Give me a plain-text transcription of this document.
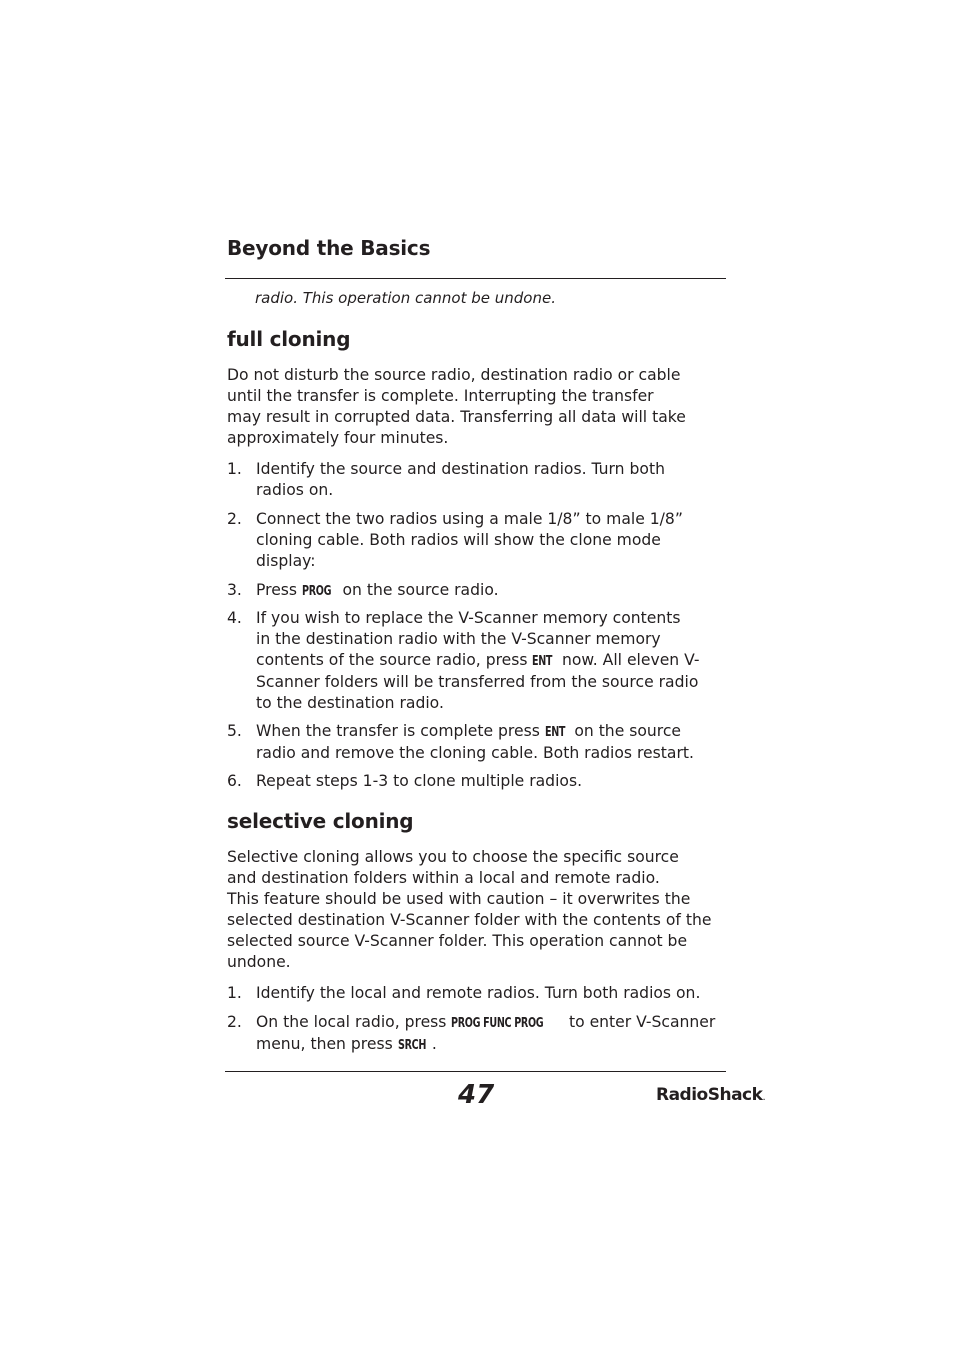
Beyond the Basics
radio. This operation cannot be undone.
full cloning
Do not disturb the source radio, destination radio or cable
until the transfer is complete. Interrupting the transfer
may result in corrupted data. Transferring all data will take
approximately four minutes.
1. Identify the source and destination radios. Turn both
radios on.
2. Connect the two radios using a male 1/8” to male 1/8”
cloning cable. Both radios will show the clone mode
display:
3. Press PROG on the source radio.
4. If you wish to replace the V-Scanner memory contents
in the destination radio with the V-Scanner memory
contents of the source radio, press ENT now. All eleven V-
Scanner folders will be transferred from the source radio
to the destination radio.
5. When the transfer is complete press ENT on the source
radio and remove the cloning cable. Both radios restart.
6. Repeat steps 1-3 to clone multiple radios.
selective cloning
Selective cloning allows you to choose the specific source
and destination folders within a local and remote radio.
This feature should be used with caution – it overwrites the
selected destination V-Scanner folder with the contents of the
selected source V-Scanner folder. This operation cannot be
undone.
1. Identify the local and remote radios. Turn both radios on.
2. On the local radio, press PROG FUNC PROG to enter V-Scanner
menu, then press SRCH .
47	RadioShack.
